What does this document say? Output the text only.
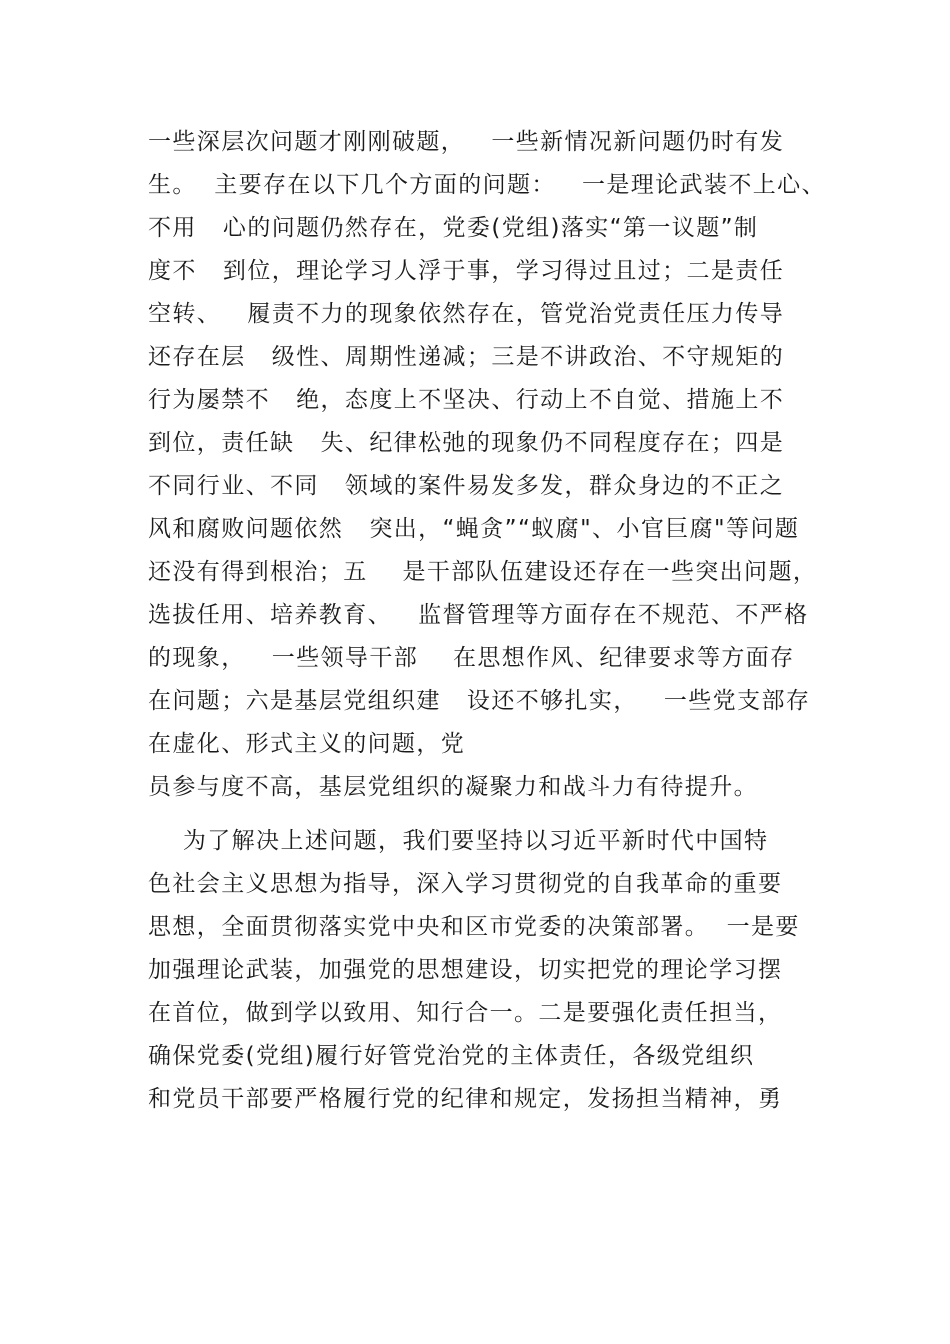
一些深层次问题才刚刚破题，   一些新情况新问题仍时有发
生。  主要存在以下几个方面的问题：   一是理论武装不上心、
不用   心的问题仍然存在，党委(党组)落实“第一议题”制
度不   到位，理论学习人浮于事，学习得过且过；二是责任
空转、   履责不力的现象依然存在，管党治党责任压力传导
还存在层   级性、周期性递减；三是不讲政治、不守规矩的
行为屡禁不   绝，态度上不坚决、行动上不自觉、措施上不
到位，责任缺   失、纪律松弛的现象仍不同程度存在；四是
不同行业、不同   领域的案件易发多发，群众身边的不正之
风和腐败问题依然   突出，“蝇贪”“蚁腐"、小官巨腐"等问题
还没有得到根治；五    是干部队伍建设还存在一些突出问题，
选拔任用、培养教育、   监督管理等方面存在不规范、不严格
的现象，   一些领导干部    在思想作风、纪律要求等方面存
在问题；六是基层党组织建   设还不够扎实，   一些党支部存
在虚化、形式主义的问题，党
员参与度不高，基层党组织的凝聚力和战斗力有待提升。
为了解决上述问题，我们要坚持以习近平新时代中国特
色社会主义思想为指导，深入学习贯彻党的自我革命的重要
思想，全面贯彻落实党中央和区市党委的决策部署。  一是要
加强理论武装，加强党的思想建设，切实把党的理论学习摆
在首位，做到学以致用、知行合一。二是要强化责任担当，
确保党委(党组)履行好管党治党的主体责任，各级党组织
和党员干部要严格履行党的纪律和规定，发扬担当精神，勇
